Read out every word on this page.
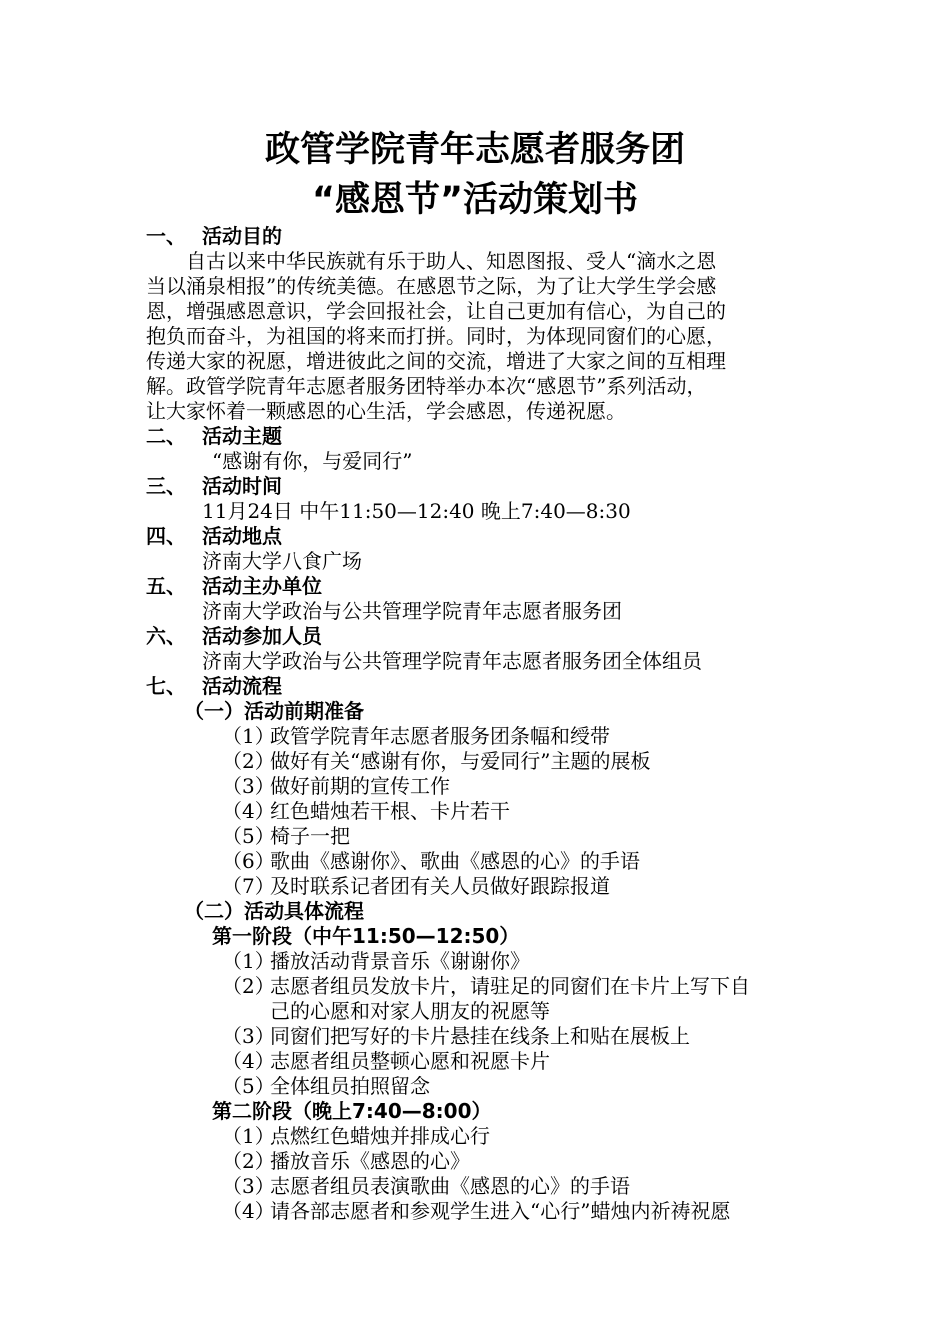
政管学院青年志愿者服务团
“感恩节”活动策划书
一、 活动目的
　　自古以来中华民族就有乐于助人、知恩图报、受人“滴水之恩
当以涌泉相报”的传统美德。在感恩节之际，为了让大学生学会感
恩，增强感恩意识，学会回报社会，让自己更加有信心，为自己的
抱负而奋斗，为祖国的将来而打拼。同时，为体现同窗们的心愿，
传递大家的祝愿，增进彼此之间的交流，增进了大家之间的互相理
解。政管学院青年志愿者服务团特举办本次“感恩节”系列活动，
让大家怀着一颗感恩的心生活，学会感恩，传递祝愿。
二、 活动主题
“感谢有你，与爱同行”
三、 活动时间
11月24日 中午11:50—12:40 晚上7:40—8:30
四、 活动地点
济南大学八食广场
五、 活动主办单位
济南大学政治与公共管理学院青年志愿者服务团
六、 活动参加人员
济南大学政治与公共管理学院青年志愿者服务团全体组员
七、 活动流程
（一）活动前期准备
（1）政管学院青年志愿者服务团条幅和绶带
（2）做好有关“感谢有你，与爱同行”主题的展板
（3）做好前期的宣传工作
（4）红色蜡烛若干根、卡片若干
（5）椅子一把
（6）歌曲《感谢你》、歌曲《感恩的心》的手语
（7）及时联系记者团有关人员做好跟踪报道
（二）活动具体流程
第一阶段（中午11:50—12:50）
（1）播放活动背景音乐《谢谢你》
（2）志愿者组员发放卡片，请驻足的同窗们在卡片上写下自
己的心愿和对家人朋友的祝愿等
（3）同窗们把写好的卡片悬挂在线条上和贴在展板上
（4）志愿者组员整顿心愿和祝愿卡片
（5）全体组员拍照留念
第二阶段（晚上7:40—8:00）
（1）点燃红色蜡烛并排成心行
（2）播放音乐《感恩的心》
（3）志愿者组员表演歌曲《感恩的心》的手语
（4）请各部志愿者和参观学生进入“心行”蜡烛内祈祷祝愿
